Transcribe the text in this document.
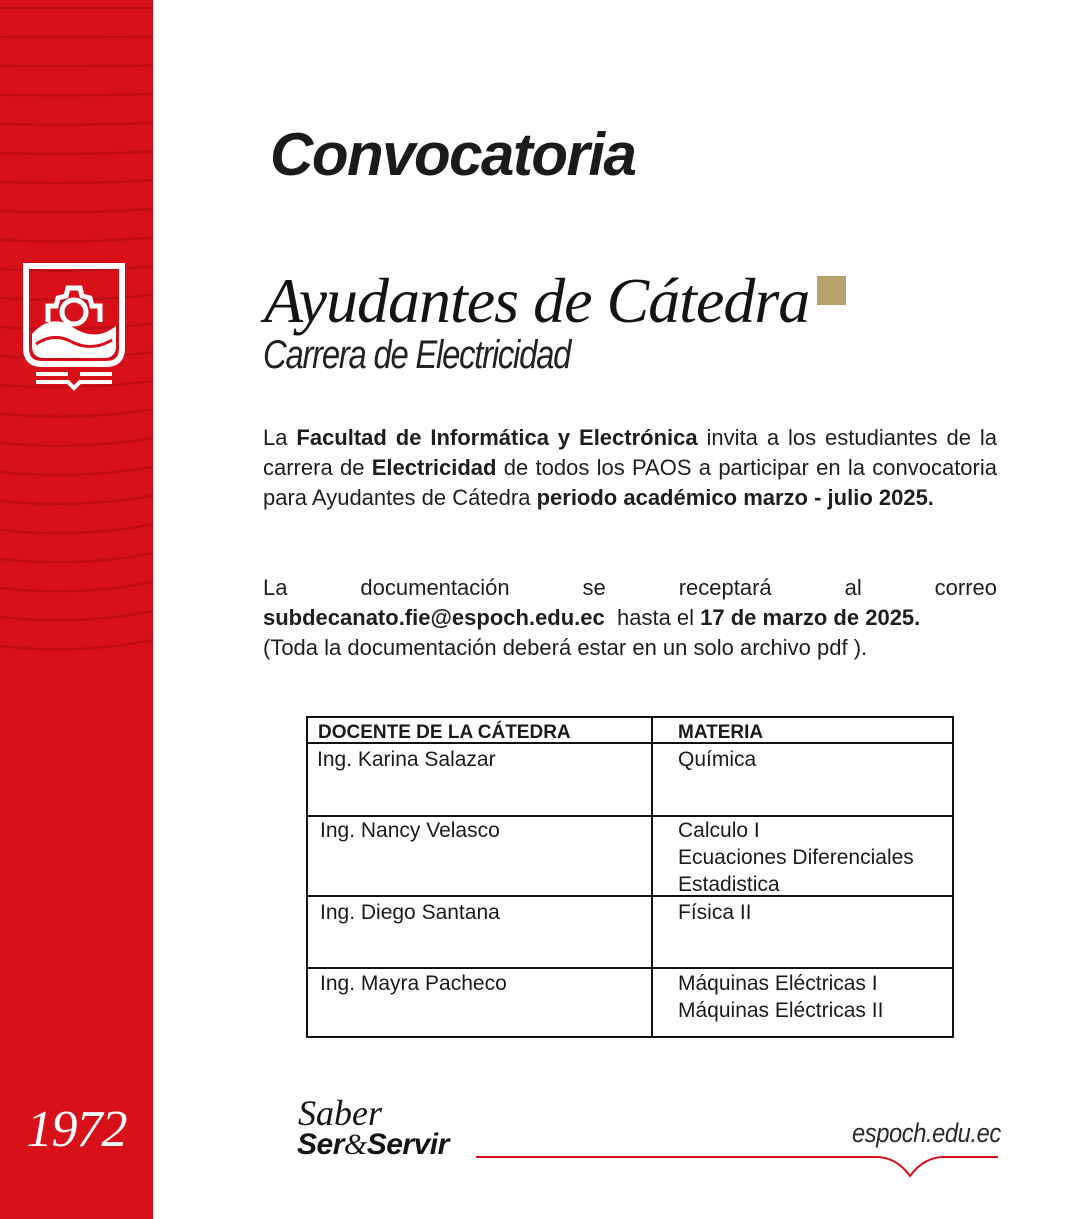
1972
Convocatoria
Ayudantes de Cátedra
Carrera de Electricidad
La Facultad de Informática y Electrónica invita a los estudiantes de la carrera de Electricidad de todos los PAOS a participar en la convocatoria para Ayudantes de Cátedra periodo académico marzo - julio 2025.
La	documentación	se	receptará	al	correo
subdecanato.fie@espoch.edu.ec  hasta el 17 de marzo de 2025.
(Toda la documentación deberá estar en un solo archivo pdf ).
DOCENTE DE LA CÁTEDRA	MATERIA
Ing. Karina Salazar	Química
Ing. Nancy Velasco	Calculo I
Ecuaciones Diferenciales
Estadistica
Ing. Diego Santana	Física II
Ing. Mayra Pacheco	Máquinas Eléctricas I
Máquinas Eléctricas II
Saber
Ser&Servir	espoch.edu.ec
